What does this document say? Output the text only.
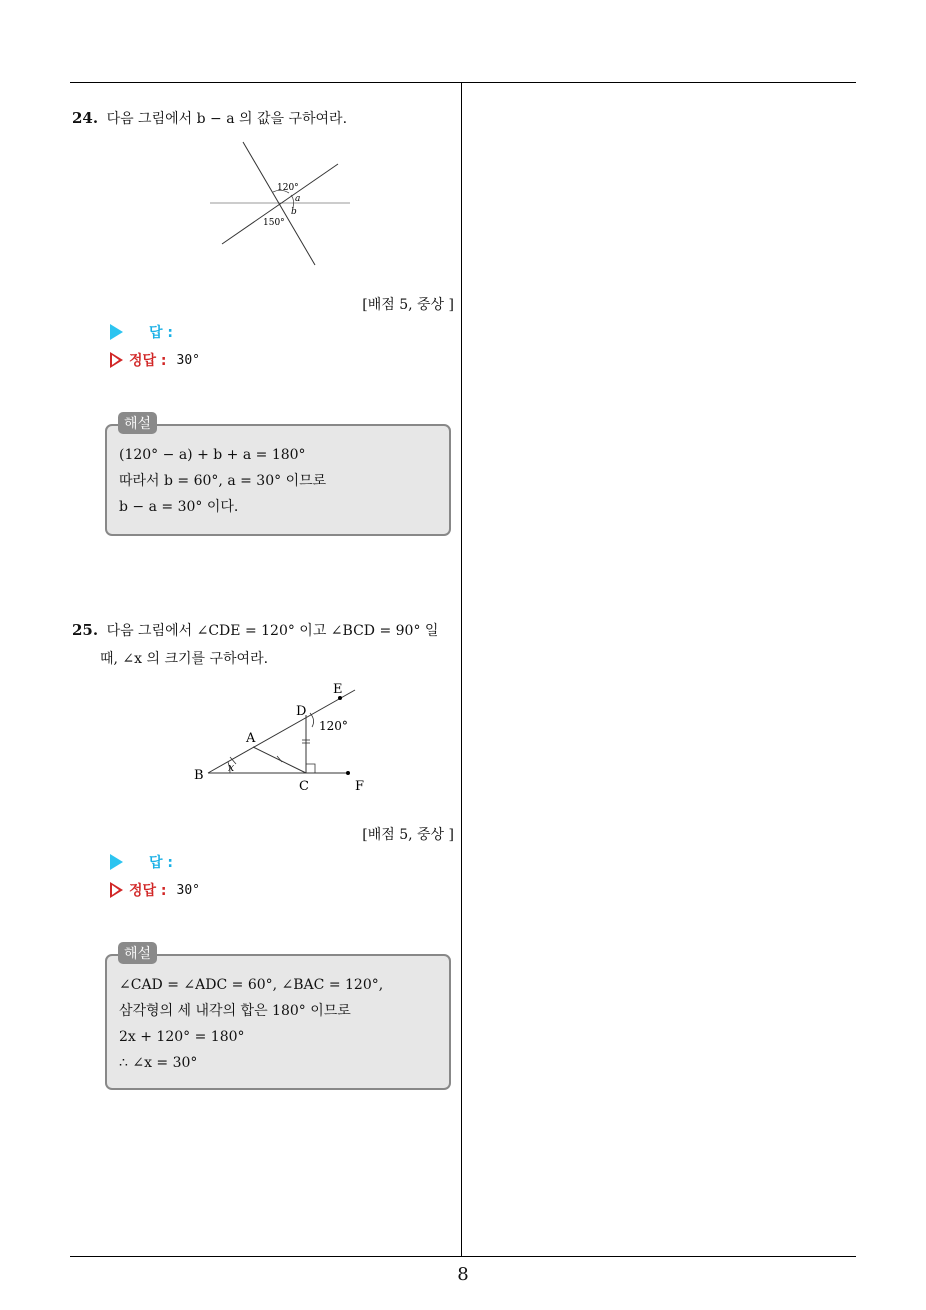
24. 다음 그림에서 b − a 의 값을 구하여라.
120°
a
b
150°
[배점 5, 중상 ]
답 :
정답 : 30°
(120° − a) + b + a = 180°
따라서 b = 60°, a = 30° 이므로
b − a = 30° 이다.
해설
25. 다음 그림에서 ∠CDE = 120° 이고 ∠BCD = 90° 일
때, ∠x 의 크기를 구하여라.
E
D
A
B
C	F
x
120°
[배점 5, 중상 ]
답 :
정답 : 30°
∠CAD = ∠ADC = 60°, ∠BAC = 120°,
삼각형의 세 내각의 합은 180° 이므로
2x + 120° = 180°
∴ ∠x = 30°
해설
8
